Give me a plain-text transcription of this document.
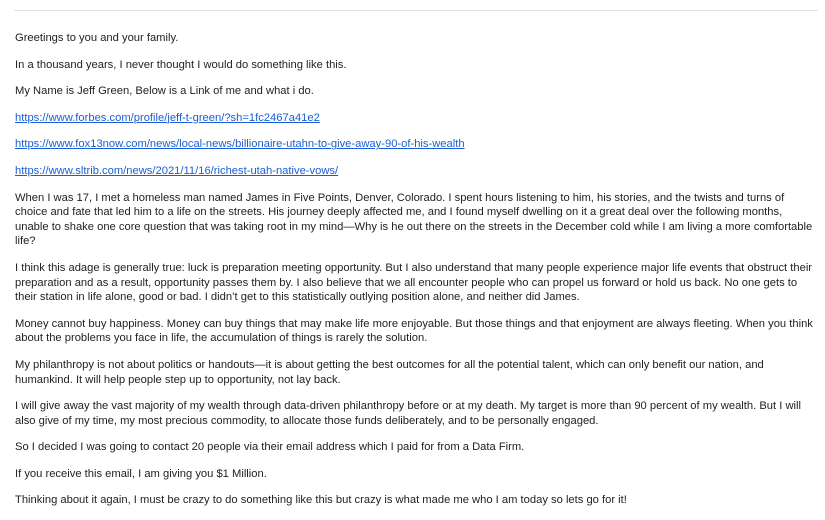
Greetings to you and your family.

In a thousand years, I never thought I would do something like this.

My Name is Jeff Green, Below is a Link of me and what i do.

https://www.forbes.com/profile/jeff-t-green/?sh=1fc2467a41e2

https://www.fox13now.com/news/local-news/billionaire-utahn-to-give-away-90-of-his-wealth

https://www.sltrib.com/news/2021/11/16/richest-utah-native-vows/

When I was 17, I met a homeless man named James in Five Points, Denver, Colorado. I spent hours listening to him, his stories, and the twists and turns of choice and fate that led him to a life on the streets. His journey deeply affected me, and I found myself dwelling on it a great deal over the following months, unable to shake one core question that was taking root in my mind—Why is he out there on the streets in the December cold while I am living a more comfortable life?

I think this adage is generally true: luck is preparation meeting opportunity. But I also understand that many people experience major life events that obstruct their preparation and as a result, opportunity passes them by. I also believe that we all encounter people who can propel us forward or hold us back. No one gets to their station in life alone, good or bad. I didn’t get to this statistically outlying position alone, and neither did James.

Money cannot buy happiness. Money can buy things that may make life more enjoyable. But those things and that enjoyment are always fleeting. When you think about the problems you face in life, the accumulation of things is rarely the solution.

My philanthropy is not about politics or handouts—it is about getting the best outcomes for all the potential talent, which can only benefit our nation, and humankind. It will help people step up to opportunity, not lay back.

I will give away the vast majority of my wealth through data-driven philanthropy before or at my death. My target is more than 90 percent of my wealth. But I will also give of my time, my most precious commodity, to allocate those funds deliberately, and to be personally engaged.

So I decided I was going to contact 20 people via their email address which I paid for from a Data Firm.

If you receive this email, I am giving you $1 Million.

Thinking about it again, I must be crazy to do something like this but crazy is what made me who I am today so lets go for it!
